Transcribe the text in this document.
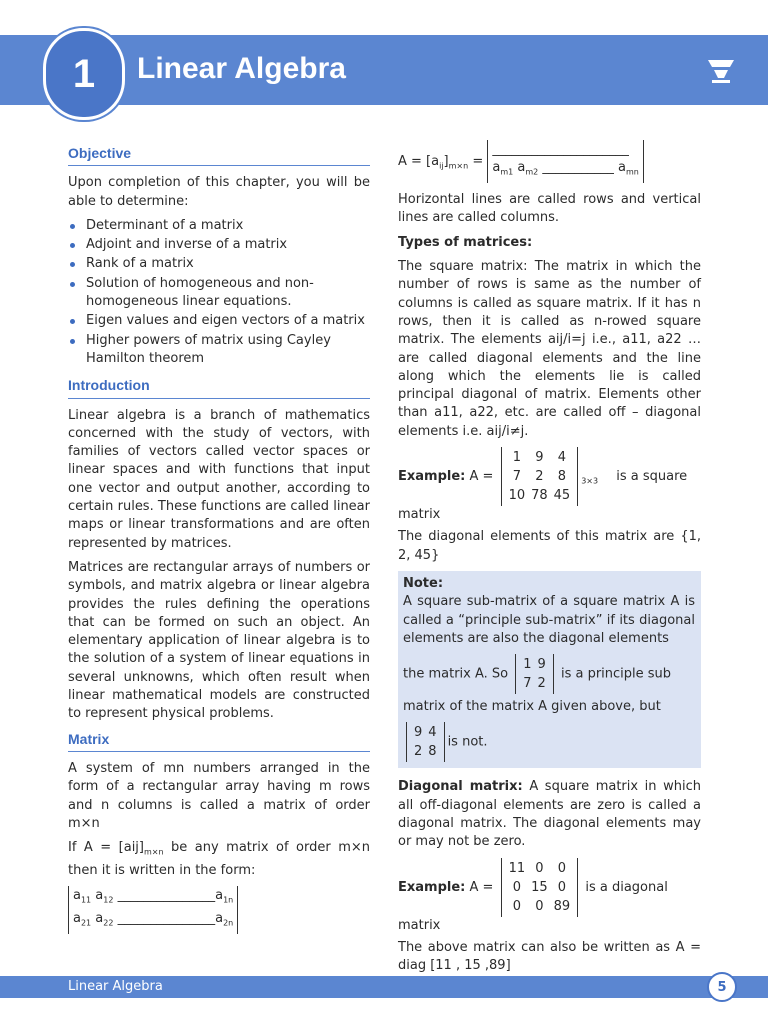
1	Linear Algebra
Objective

Upon completion of this chapter, you will be able to determine:

Determinant of a matrix
Adjoint and inverse of a matrix
Rank of a matrix
Solution of homogeneous and non-homogeneous linear equations.
Eigen values and eigen vectors of a matrix
Higher powers of matrix using Cayley Hamilton theorem
Introduction

Linear algebra is a branch of mathematics concerned with the study of vectors, with families of vectors called vector spaces or linear spaces and with functions that input one vector and output another, according to certain rules. These functions are called linear maps or linear transformations and are often represented by matrices.

Matrices are rectangular arrays of numbers or symbols, and matrix algebra or linear algebra provides the rules defining the operations that can be formed on such an object. An elementary application of linear algebra is to the solution of a system of linear equations in several unknowns, which often result when linear mathematical models are constructed to represent physical problems.

Matrix

A system of mn numbers arranged in the form of a rectangular array having m rows and n columns is called a matrix of order m×n

If $A = [aij]_{m\times n}$ be any matrix of order m×n then it is written in the form:

$a_{11}$ $a_{12}$ $\_\_\_\_\_\_\_\_\_\_\_\_\_\_\_a_{1n}$
$a_{21}$ $a_{22}$ $\_\_\_\_\_\_\_\_\_\_\_\_\_\_\_a_{2n}$
$A = [a_{ij}]_{m\times n}$ =
_____________________
$a_{m1}$ $a_{m2}$ ___________ $a_{mn}$

Horizontal lines are called rows and vertical lines are called columns.

Types of matrices:

The square matrix: The matrix in which the number of rows is same as the number of columns is called as square matrix. If it has n rows, then it is called as n-rowed square matrix. The elements aij/i=j i.e., a11, a22 … are called diagonal elements and the line along which the elements lie is called principal diagonal of matrix. Elements other than a11, a22, etc. are called off – diagonal elements i.e. aij/i≠j.

Example: A =
1	9	4
7	2	8
10	78	45
$_{3\times 3}$ is a square matrix

The diagonal elements of this matrix are {1, 2, 45}

Note:

A square sub-matrix of a square matrix A is called a “principle sub-matrix” if its diagonal elements are also the diagonal elements

the matrix A. So
1	9
7	2
is a principle sub

matrix of the matrix A given above, but

9	4
2	8
is not.

Diagonal matrix: A square matrix in which all off-diagonal elements are zero is called a diagonal matrix. The diagonal elements may or may not be zero.

Example: A =
11	0	0
0	15	0
0	0	89
is a diagonal matrix

The above matrix can also be written as A = diag [11 , 15 ,89]

Linear Algebra	5
